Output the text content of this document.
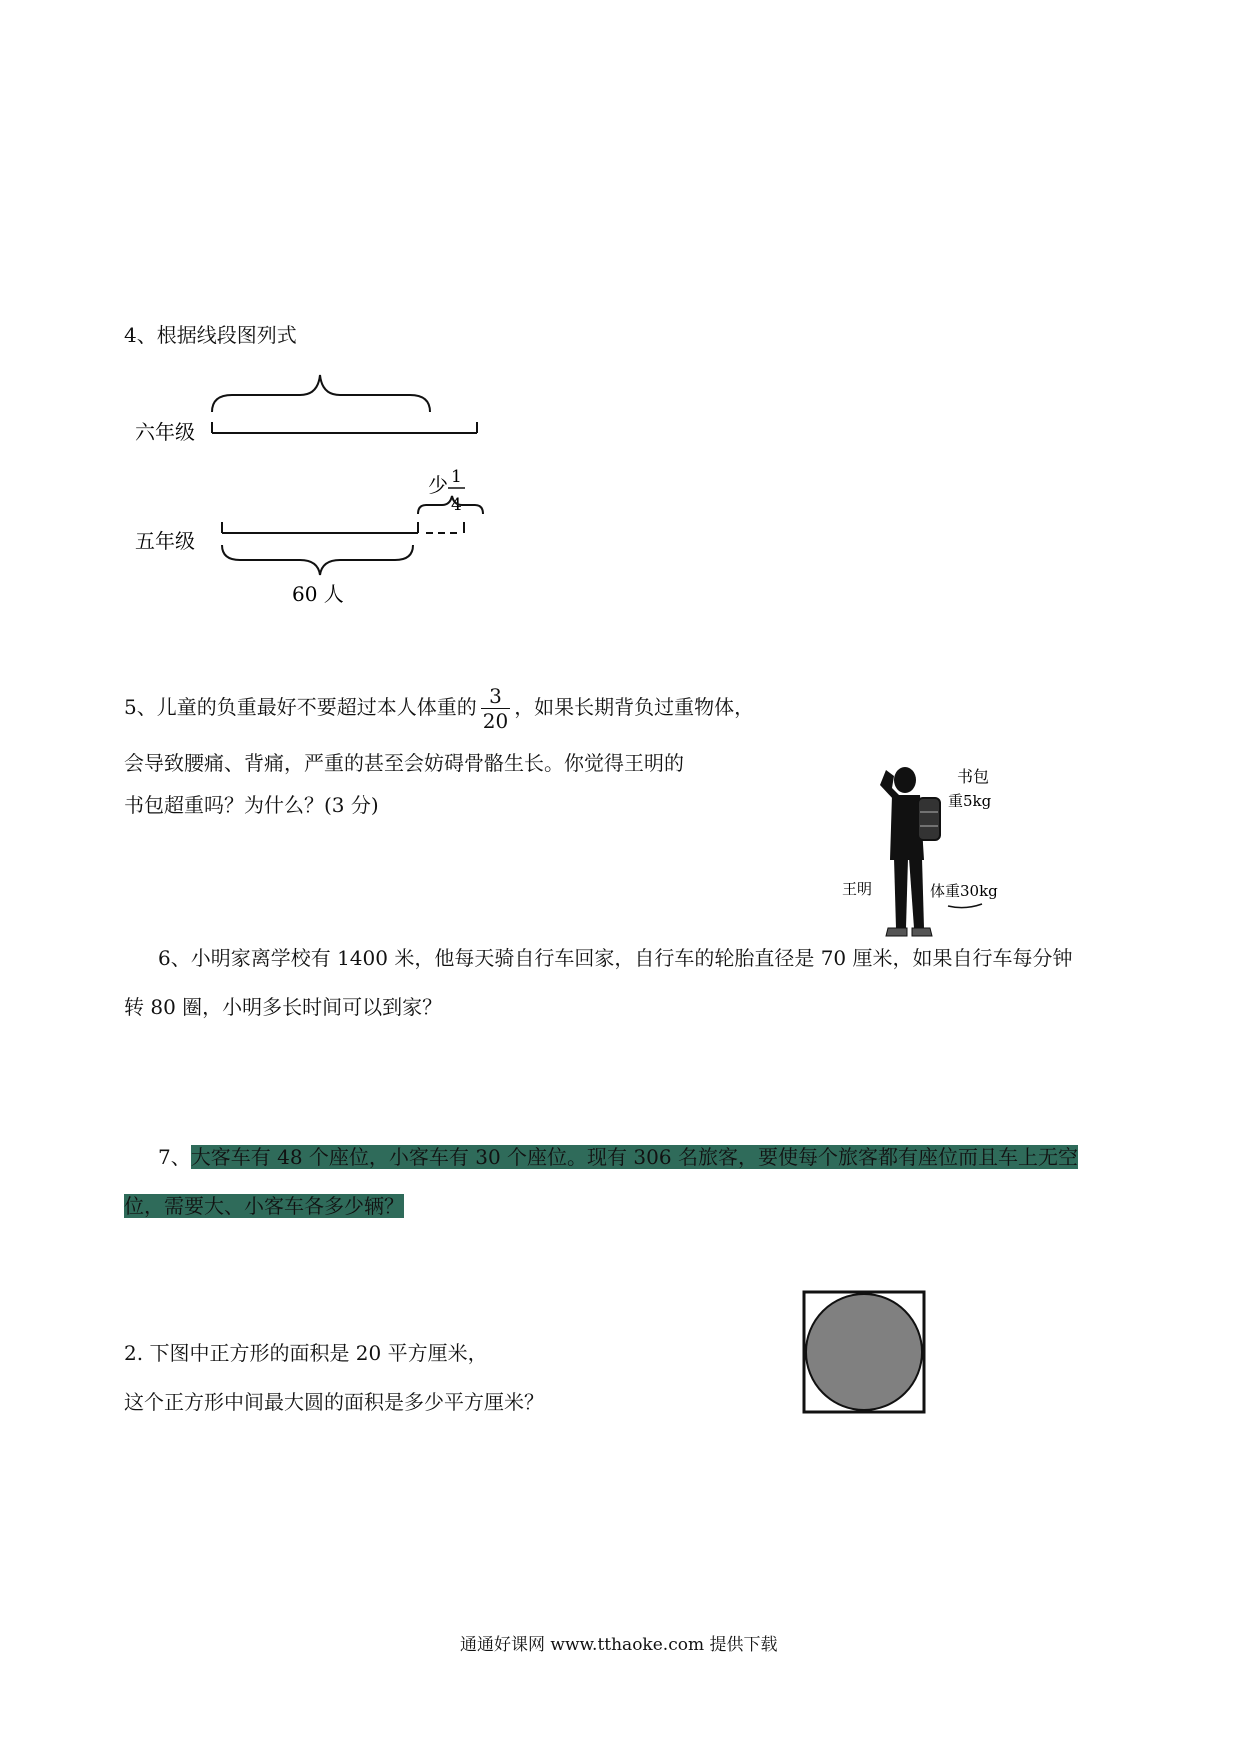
4、根据线段图列式
六年级
少 1
4
五年级
60 人
5、儿童的负重最好不要超过本人体重的 $\frac{3}{20}$ ，如果长期背负过重物体，
会导致腰痛、背痛，严重的甚至会妨碍骨骼生长。你觉得王明的
书包超重吗？为什么？(3 分)
书包
重5kg
王明	体重30kg
6、小明家离学校有 1400 米，他每天骑自行车回家，自行车的轮胎直径是 70 厘米，如果自行车每分钟
转 80 圈，小明多长时间可以到家？
7、大客车有 48 个座位，小客车有 30 个座位。现有 306 名旅客，要使每个旅客都有座位而且车上无空
位，需要大、小客车各多少辆？
2. 下图中正方形的面积是 20 平方厘米，
这个正方形中间最大圆的面积是多少平方厘米？
通通好课网 www.tthaoke.com 提供下载
